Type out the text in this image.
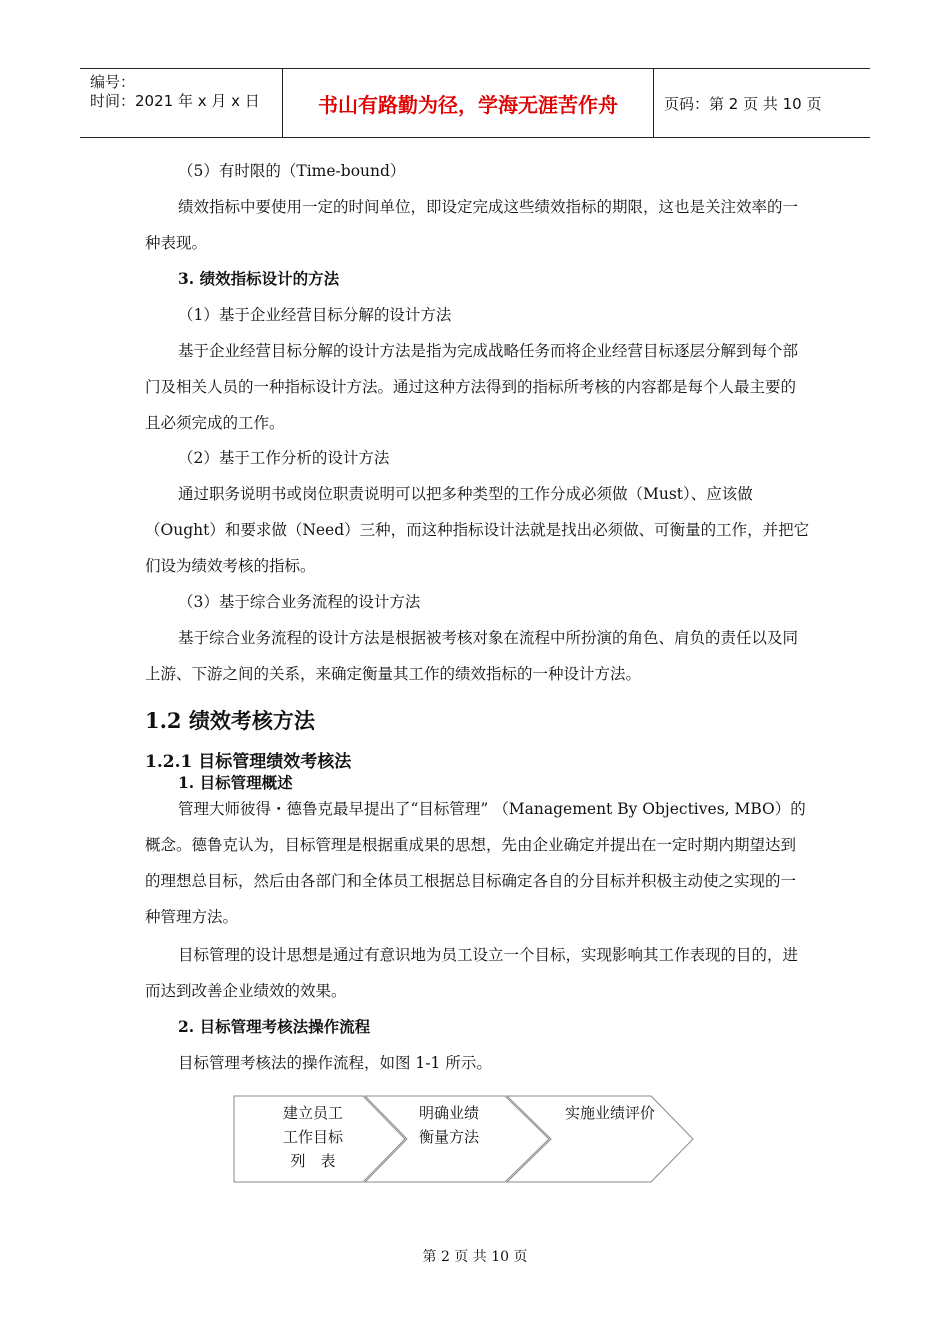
编号：
时间：2021 年 x 月 x 日	书山有路勤为径，学海无涯苦作舟	页码：第 2 页 共 10 页

（5）有时限的（Time-bound）

绩效指标中要使用一定的时间单位，即设定完成这些绩效指标的期限，这也是关注效率的一种表现。

3. 绩效指标设计的方法

（1）基于企业经营目标分解的设计方法

基于企业经营目标分解的设计方法是指为完成战略任务而将企业经营目标逐层分解到每个部门及相关人员的一种指标设计方法。通过这种方法得到的指标所考核的内容都是每个人最主要的且必须完成的工作。

（2）基于工作分析的设计方法

通过职务说明书或岗位职责说明可以把多种类型的工作分成必须做（Must）、应该做（Ought）和要求做（Need）三种，而这种指标设计法就是找出必须做、可衡量的工作，并把它们设为绩效考核的指标。

（3）基于综合业务流程的设计方法

基于综合业务流程的设计方法是根据被考核对象在流程中所扮演的角色、肩负的责任以及同上游、下游之间的关系，来确定衡量其工作的绩效指标的一种设计方法。

1.2 绩效考核方法
1.2.1 目标管理绩效考核法

1. 目标管理概述

管理大师彼得・德鲁克最早提出了“目标管理” （Management By Objectives, MBO）的概念。德鲁克认为，目标管理是根据重成果的思想，先由企业确定并提出在一定时期内期望达到的理想总目标，然后由各部门和全体员工根据总目标确定各自的分目标并积极主动使之实现的一种管理方法。

目标管理的设计思想是通过有意识地为员工设立一个目标，实现影响其工作表现的目的，进而达到改善企业绩效的效果。

2. 目标管理考核法操作流程

目标管理考核法的操作流程，如图 1-1 所示。

建立员工
工作目标
列　表
明确业绩
衡量方法
实施业绩评价
第 2 页 共 10 页
